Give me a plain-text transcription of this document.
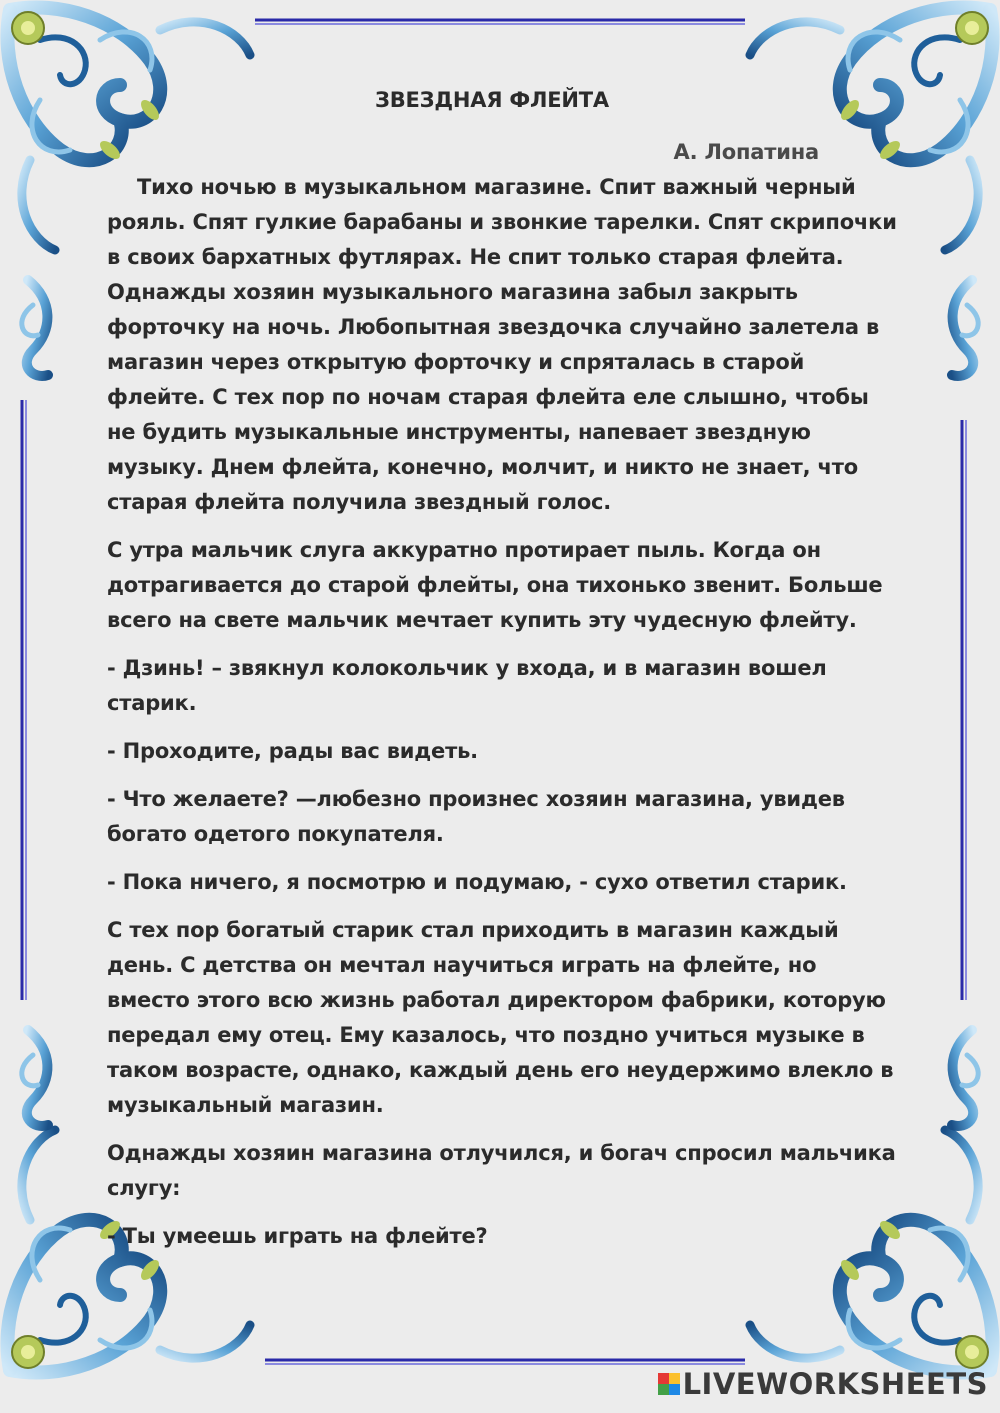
ЗВЕЗДНАЯ ФЛЕЙТА
А. Лопатина

Тихо ночью в музыкальном магазине. Спит важный черный рояль. Спят гулкие барабаны и звонкие тарелки. Спят скрипочки в своих бархатных футлярах. Не спит только старая флейта. Однажды хозяин музыкального магазина забыл закрыть форточку на ночь. Любопытная звездочка случайно залетела в магазин через открытую форточку и спряталась в старой флейте. С тех пор по ночам старая флейта еле слышно, чтобы не будить музыкальные инструменты, напевает звездную музыку. Днем флейта, конечно, молчит, и никто не знает, что старая флейта получила звездный голос.

С утра мальчик слуга аккуратно протирает пыль. Когда он дотрагивается до старой флейты, она тихонько звенит. Больше всего на свете мальчик мечтает купить эту чудесную флейту.

- Дзинь! – звякнул колокольчик у входа, и в магазин вошел старик.

- Проходите, рады вас видеть.

- Что желаете? —любезно произнес хозяин магазина, увидев богато одетого покупателя.

- Пока ничего, я посмотрю и подумаю, - сухо ответил старик.

С тех пор богатый старик стал приходить в магазин каждый день. С детства он мечтал научиться играть на флейте, но вместо этого всю жизнь работал директором фабрики, которую передал ему отец. Ему казалось, что поздно учиться музыке в таком возрасте, однако, каждый день его неудержимо влекло в музыкальный магазин.

Однажды хозяин магазина отлучился, и богач спросил мальчика слугу:

- Ты умеешь играть на флейте?

LIVEWORKSHEETS
